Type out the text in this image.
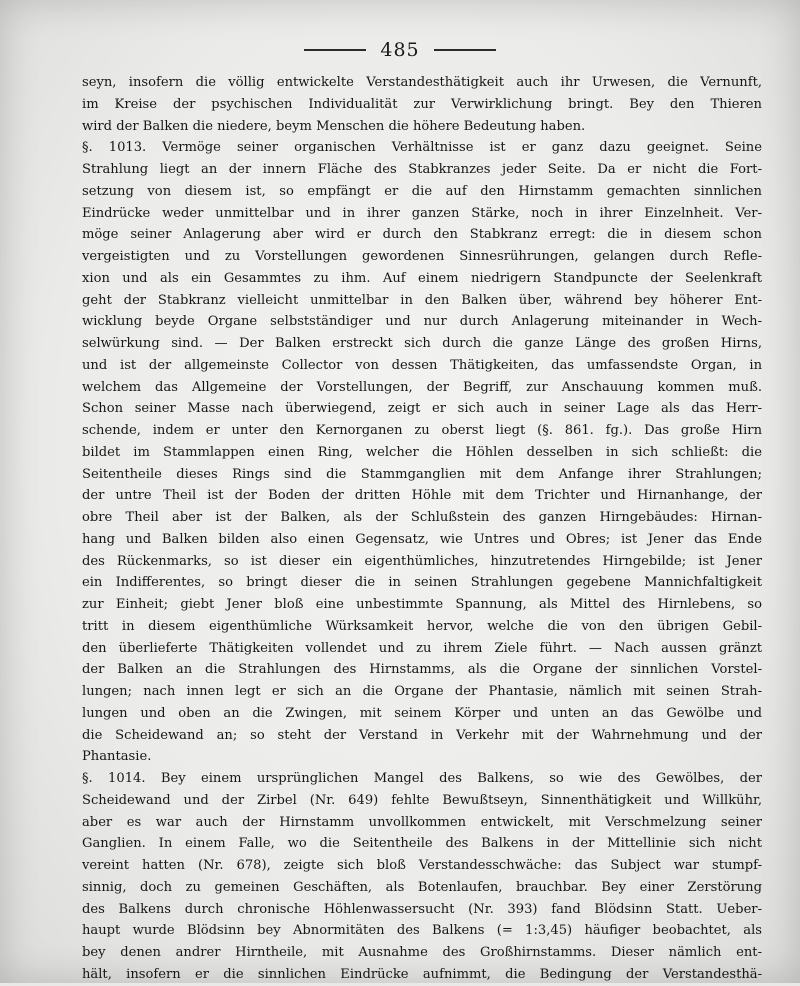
485
seyn, insofern die völlig entwickelte Verstandesthätigkeit auch ihr Urwesen, die Vernunft,
im Kreise der psychischen Individualität zur Verwirklichung bringt. Bey den Thieren
wird der Balken die niedere, beym Menschen die höhere Bedeutung haben.
§. 1013. Vermöge seiner organischen Verhältnisse ist er ganz dazu geeignet. Seine
Strahlung liegt an der innern Fläche des Stabkranzes jeder Seite. Da er nicht die Fort-
setzung von diesem ist, so empfängt er die auf den Hirnstamm gemachten sinnlichen
Eindrücke weder unmittelbar und in ihrer ganzen Stärke, noch in ihrer Einzelnheit. Ver-
möge seiner Anlagerung aber wird er durch den Stabkranz erregt: die in diesem schon
vergeistigten und zu Vorstellungen gewordenen Sinnesrührungen, gelangen durch Refle-
xion und als ein Gesammtes zu ihm. Auf einem niedrigern Standpuncte der Seelenkraft
geht der Stabkranz vielleicht unmittelbar in den Balken über, während bey höherer Ent-
wicklung beyde Organe selbstständiger und nur durch Anlagerung miteinander in Wech-
selwürkung sind. — Der Balken erstreckt sich durch die ganze Länge des großen Hirns,
und ist der allgemeinste Collector von dessen Thätigkeiten, das umfassendste Organ, in
welchem das Allgemeine der Vorstellungen, der Begriff, zur Anschauung kommen muß.
Schon seiner Masse nach überwiegend, zeigt er sich auch in seiner Lage als das Herr-
schende, indem er unter den Kernorganen zu oberst liegt (§. 861. fg.). Das große Hirn
bildet im Stammlappen einen Ring, welcher die Höhlen desselben in sich schließt: die
Seitentheile dieses Rings sind die Stammganglien mit dem Anfange ihrer Strahlungen;
der untre Theil ist der Boden der dritten Höhle mit dem Trichter und Hirnanhange, der
obre Theil aber ist der Balken, als der Schlußstein des ganzen Hirngebäudes: Hirnan-
hang und Balken bilden also einen Gegensatz, wie Untres und Obres; ist Jener das Ende
des Rückenmarks, so ist dieser ein eigenthümliches, hinzutretendes Hirngebilde; ist Jener
ein Indifferentes, so bringt dieser die in seinen Strahlungen gegebene Mannichfaltigkeit
zur Einheit; giebt Jener bloß eine unbestimmte Spannung, als Mittel des Hirnlebens, so
tritt in diesem eigenthümliche Würksamkeit hervor, welche die von den übrigen Gebil-
den überlieferte Thätigkeiten vollendet und zu ihrem Ziele führt. — Nach aussen gränzt
der Balken an die Strahlungen des Hirnstamms, als die Organe der sinnlichen Vorstel-
lungen; nach innen legt er sich an die Organe der Phantasie, nämlich mit seinen Strah-
lungen und oben an die Zwingen, mit seinem Körper und unten an das Gewölbe und
die Scheidewand an; so steht der Verstand in Verkehr mit der Wahrnehmung und der
Phantasie.
§. 1014. Bey einem ursprünglichen Mangel des Balkens, so wie des Gewölbes, der
Scheidewand und der Zirbel (Nr. 649) fehlte Bewußtseyn, Sinnenthätigkeit und Willkühr,
aber es war auch der Hirnstamm unvollkommen entwickelt, mit Verschmelzung seiner
Ganglien. In einem Falle, wo die Seitentheile des Balkens in der Mittellinie sich nicht
vereint hatten (Nr. 678), zeigte sich bloß Verstandesschwäche: das Subject war stumpf-
sinnig, doch zu gemeinen Geschäften, als Botenlaufen, brauchbar. Bey einer Zerstörung
des Balkens durch chronische Höhlenwassersucht (Nr. 393) fand Blödsinn Statt. Ueber-
haupt wurde Blödsinn bey Abnormitäten des Balkens (= 1:3,45) häufiger beobachtet, als
bey denen andrer Hirntheile, mit Ausnahme des Großhirnstamms. Dieser nämlich ent-
hält, insofern er die sinnlichen Eindrücke aufnimmt, die Bedingung der Verstandesthä-
